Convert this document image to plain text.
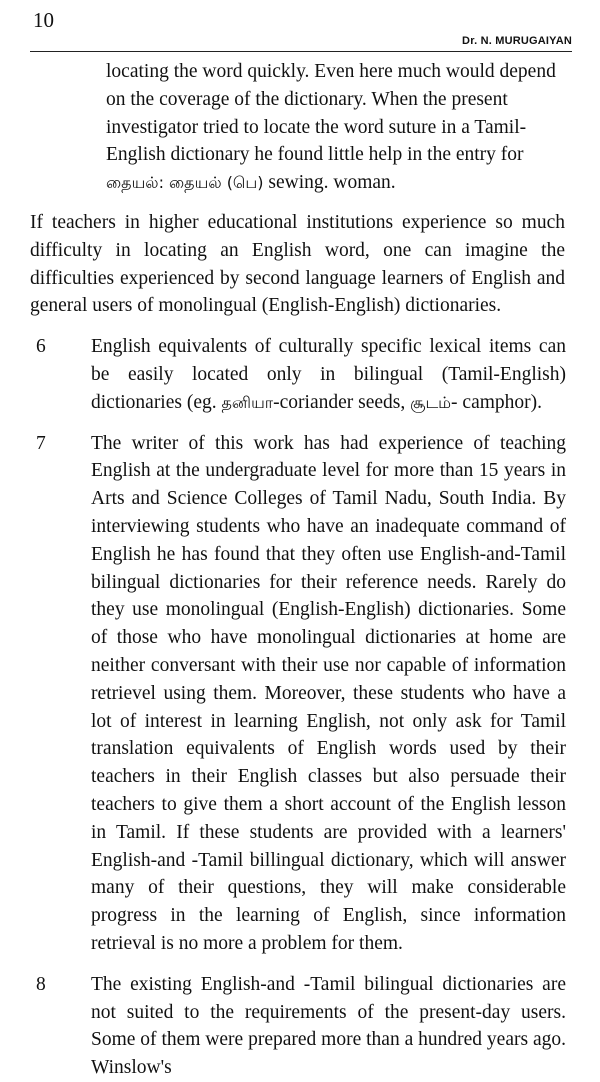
10
Dr. N. MURUGAIYAN

locating the word quickly. Even here much would depend on the coverage of the dictionary. When the present investigator tried to locate the word suture in a Tamil-English dictionary he found little help in the entry for தையல்: தையல் (பெ) sewing. woman.

If teachers in higher educational institutions experience so much difficulty in locating an English word, one can imagine the difficulties experienced by second language learners of English and general users of monolingual (English-English) dictionaries.

6	English equivalents of culturally specific lexical items can be easily located only in bilingual (Tamil-English) dictionaries (eg. தனியா-coriander seeds, சூடம்- camphor).
7	The writer of this work has had experience of teaching English at the undergraduate level for more than 15 years in Arts and Science Colleges of Tamil Nadu, South India. By interviewing students who have an inadequate command of English he has found that they often use English-and-Tamil bilingual dictionaries for their reference needs. Rarely do they use monolingual (English-English) dictionaries. Some of those who have monolingual dictionaries at home are neither conversant with their use nor capable of information retrievel using them. Moreover, these students who have a lot of interest in learning English, not only ask for Tamil translation equivalents of English words used by their teachers in their English classes but also persuade their teachers to give them a short account of the English lesson in Tamil. If these students are provided with a learners' English-and -Tamil billingual dictionary, which will answer many of their questions, they will make considerable progress in the learning of English, since information retrieval is no more a problem for them.
8	The existing English-and -Tamil bilingual dictionaries are not suited to the requirements of the present-day users. Some of them were prepared more than a hundred years ago. Winslow's
